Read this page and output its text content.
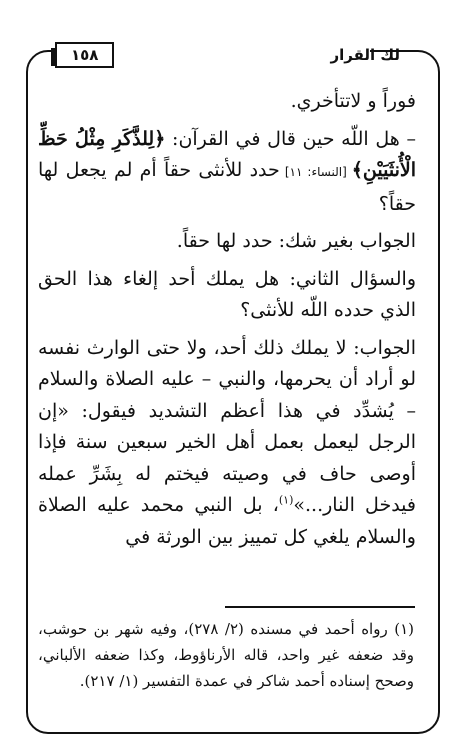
لك القرار
١٥٨

فوراً و لاتتأخري.

– هل اللّه حين قال في القرآن: ﴿لِلذَّكَرِ مِثْلُ حَظِّ الْأُنثَيَيْنِ﴾ [النساء: ١١] حدد للأنثى حقاً أم لم يجعل لها حقاً؟

الجواب بغير شك: حدد لها حقاً.

والسؤال الثاني: هل يملك أحد إلغاء هذا الحق الذي حدده اللّه للأنثى؟

الجواب: لا يملك ذلك أحد، ولا حتى الوارث نفسه لو أراد أن يحرمها، والنبي – عليه الصلاة والسلام – يُشدِّد في هذا أعظم التشديد فيقول: «إن الرجل ليعمل بعمل أهل الخير سبعين سنة فإذا أوصى حاف في وصيته فيختم له بِشَرِّ عمله فيدخل النار...»$^{(١)}$، بل النبي محمد عليه الصلاة والسلام يلغي كل تمييز بين الورثة في

(١) رواه أحمد في مسنده (٢/ ٢٧٨)، وفيه شهر بن حوشب، وقد ضعفه غير واحد، قاله الأرناؤوط، وكذا ضعفه الألباني، وصحح إسناده أحمد شاكر في عمدة التفسير (١/ ٢١٧).
